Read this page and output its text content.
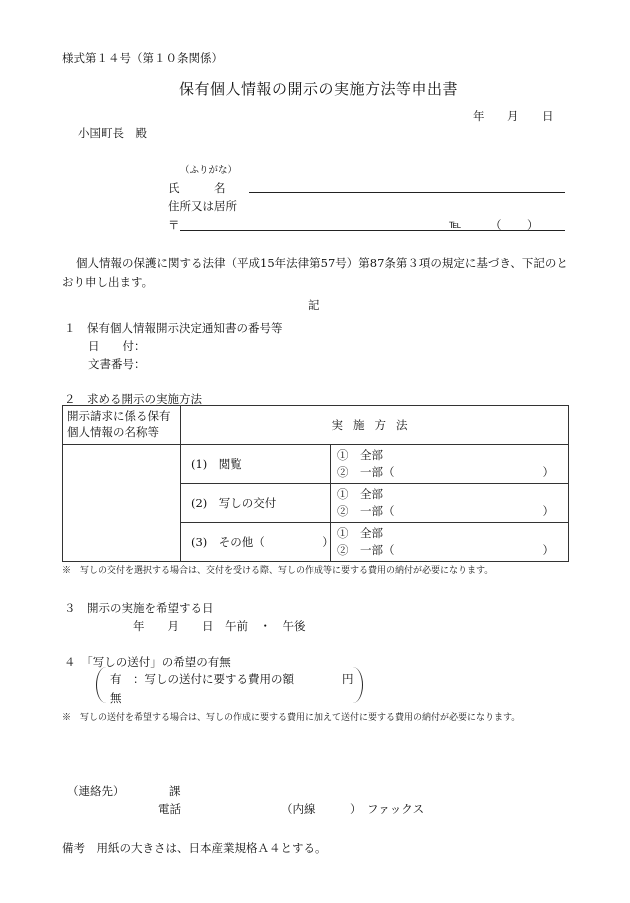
様式第１４号（第１０条関係）
保有個人情報の開示の実施方法等申出書
年 月 日
小国町長　殿
（ふりがな）
氏　　　名
住所又は居所
〒	℡ （ ）
個人情報の保護に関する法律（平成15年法律第57号）第87条第３項の規定に基づき、下記のと
おり申し出ます。
記
１　保有個人情報開示決定通知書の番号等
日　　付：
文書番号：
２　求める開示の実施方法
開示請求に係る保有
個人情報の名称等	実施方法	
	(1)　閲覧	①　全部
②　一部（ ）

	(2)　写しの交付	①　全部
②　一部（ ）

	(3)　その他（　　　　　）	①　全部
②　一部（ ）
※　写しの交付を選択する場合は、交付を受ける際、写しの作成等に要する費用の納付が必要になります。
３　開示の実施を希望する日
年　　月　　日　午前　・　午後
４　「写しの送付」の希望の有無
有　：写しの送付に要する費用の額	円
無
※　写しの送付を希望する場合は、写しの作成に要する費用に加えて送付に要する費用の納付が必要になります。
（連絡先）	課
電話	（内線　　　） ファックス
備考　用紙の大きさは、日本産業規格Ａ４とする。
